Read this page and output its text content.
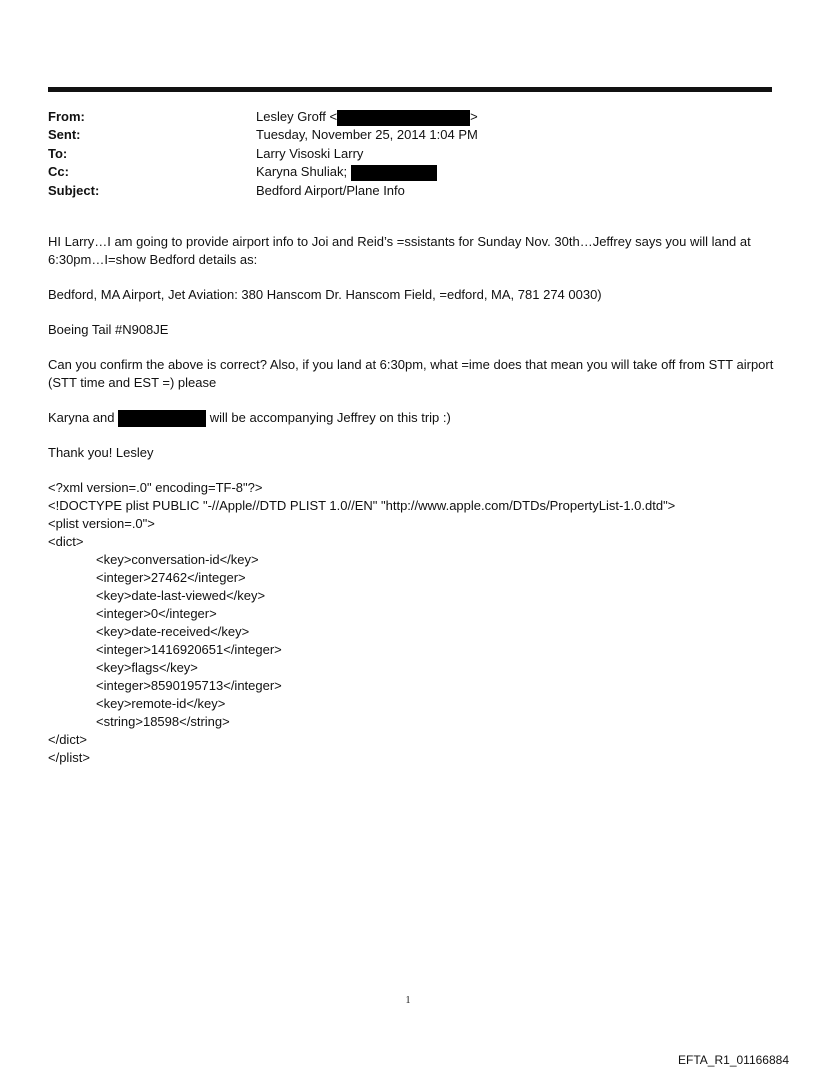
From:	Lesley Groff <	>
Sent:	Tuesday, November 25, 2014 1:04 PM
To:	Larry Visoski Larry
Cc:	Karyna Shuliak;
Subject:	Bedford Airport/Plane Info

HI Larry…I am going to provide airport info to Joi and Reid’s =ssistants for Sunday Nov. 30th…Jeffrey says you will land at 6:30pm…I=show Bedford details as:

Bedford, MA Airport, Jet Aviation: 380 Hanscom Dr. Hanscom Field, =edford, MA, 781 274 0030)

Boeing Tail #N908JE

Can you confirm the above is correct? Also, if you land at 6:30pm, what =ime does that mean you will take off from STT airport (STT time and EST =) please

Karyna and	will be accompanying Jeffrey on this trip :)

Thank you! Lesley

<?xml version=.0" encoding=TF-8"?>
<!DOCTYPE plist PUBLIC "-//Apple//DTD PLIST 1.0//EN" "http://www.apple.com/DTDs/PropertyList-1.0.dtd">
<plist version=.0">
<dict>
<key>conversation-id</key>
<integer>27462</integer>
<key>date-last-viewed</key>
<integer>0</integer>
<key>date-received</key>
<integer>1416920651</integer>
<key>flags</key>
<integer>8590195713</integer>
<key>remote-id</key>
<string>18598</string>
</dict>
</plist>
1
EFTA_R1_01166884
